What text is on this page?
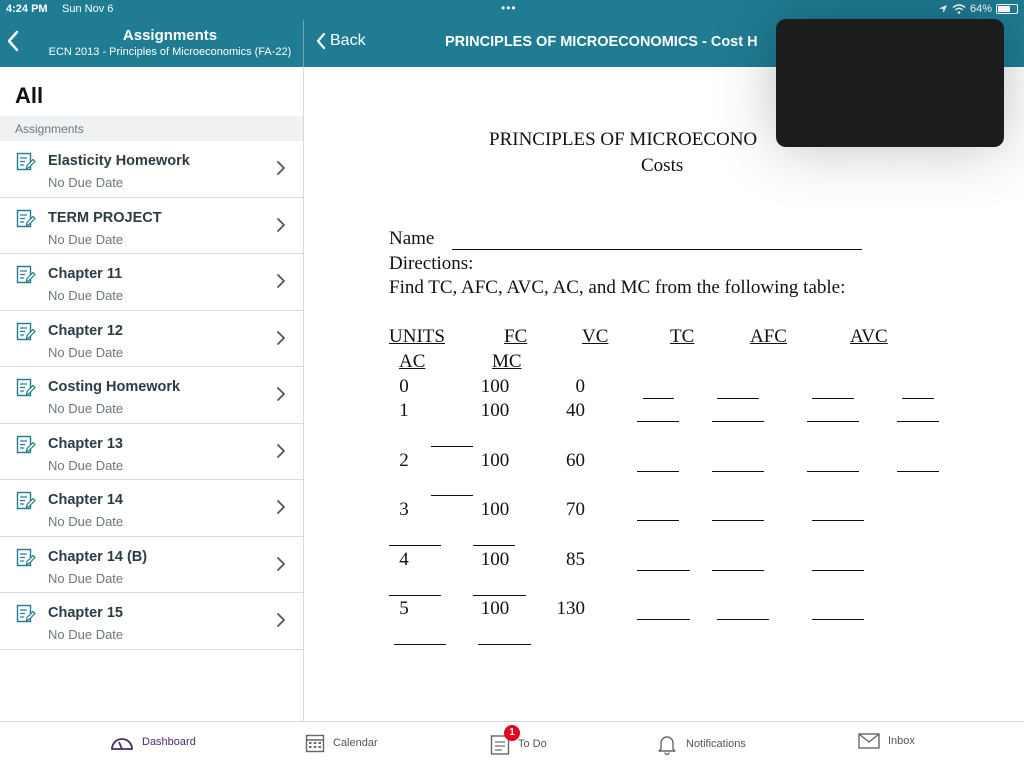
4:24 PM Sun Nov 6	•••	64%
Assignments
ECN 2013 - Principles of Microeconomics (FA-22)
Back	PRINCIPLES OF MICROECONOMICS - Cost H
All
Assignments
Elasticity Homework
No Due Date
TERM PROJECT
No Due Date
Chapter 11
No Due Date
Chapter 12
No Due Date
Costing Homework
No Due Date
Chapter 13
No Due Date
Chapter 14
No Due Date
Chapter 14 (B)
No Due Date
Chapter 15
No Due Date
PRINCIPLES OF MICROECONO
Costs
Name
Directions:
Find TC, AFC, AVC, AC, and MC from the following table:
UNITS	FC	VC	TC	AFC	AVC
AC	MC
0	100	0
1	100	40
2	100	60
3	100	70
4	100	85
5	100	130
Dashboard	Calendar
1
To Do	Notifications	Inbox
